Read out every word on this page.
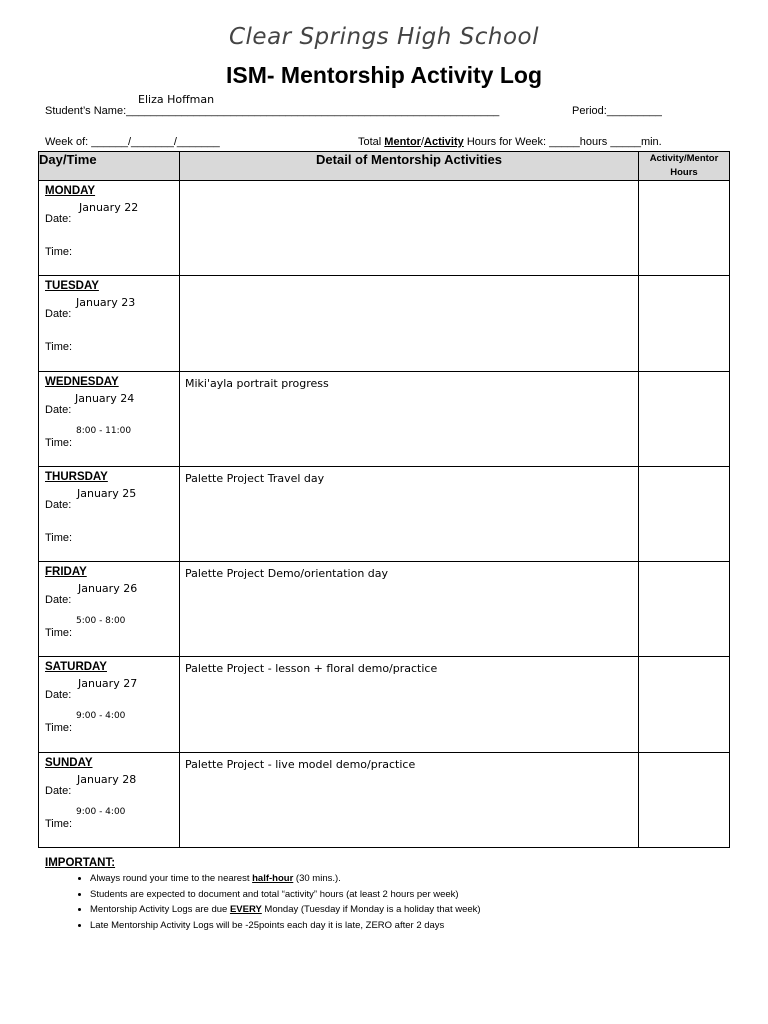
Clear Springs High School
ISM- Mentorship Activity Log
Eliza Hoffman
Student’s Name:_____________________________________________________________	Period:_________
Week of: ______/_______/_______	Total Mentor/Activity Hours for Week: _____hours _____min.
Day/Time	Detail of Mentorship Activities	Activity/Mentor
Hours

MONDAY
January 22
Date:
Time:		

TUESDAY
January 23
Date:
Time:		

WEDNESDAY
January 24
Date:
8:00 - 11:00
Time:	Miki'ayla portrait progress	

THURSDAY
January 25
Date:
Time:	Palette Project Travel day	

FRIDAY
January 26
Date:
5:00 - 8:00
Time:	Palette Project Demo/orientation day	

SATURDAY
January 27
Date:
9:00 - 4:00
Time:	Palette Project - lesson + floral demo/practice	

SUNDAY
January 28
Date:
9:00 - 4:00
Time:	Palette Project - live model demo/practice	

IMPORTANT:
• Always round your time to the nearest half-hour (30 mins.).
• Students are expected to document and total “activity” hours (at least 2 hours per week)
• Mentorship Activity Logs are due EVERY Monday (Tuesday if Monday is a holiday that week)
• Late Mentorship Activity Logs will be -25points each day it is late, ZERO after 2 days
